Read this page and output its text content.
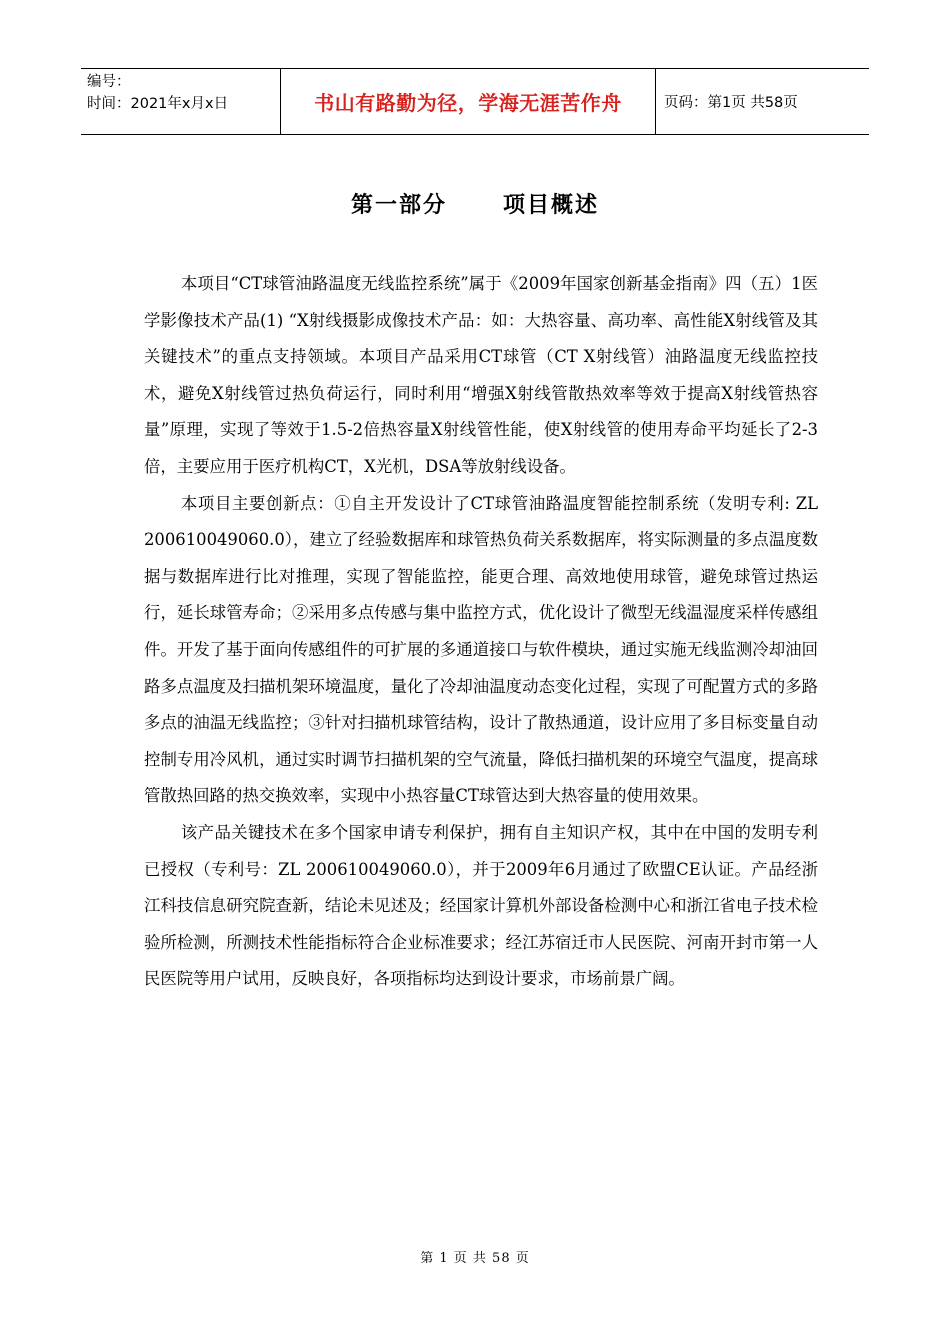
编号：
时间：2021年x月x日	书山有路勤为径，学海无涯苦作舟	页码：第1页 共58页
第一部分	项目概述

本项目“CT球管油路温度无线监控系统”属于《2009年国家创新基金指南》四（五）1医学影像技术产品(1) “X射线摄影成像技术产品：如：大热容量、高功率、高性能X射线管及其关键技术”的重点支持领域。本项目产品采用CT球管（CT X射线管）油路温度无线监控技术，避免X射线管过热负荷运行，同时利用“增强X射线管散热效率等效于提高X射线管热容量”原理，实现了等效于1.5-2倍热容量X射线管性能，使X射线管的使用寿命平均延长了2-3倍，主要应用于医疗机构CT，X光机，DSA等放射线设备。

本项目主要创新点：①自主开发设计了CT球管油路温度智能控制系统（发明专利: ZL 200610049060.0），建立了经验数据库和球管热负荷关系数据库，将实际测量的多点温度数据与数据库进行比对推理，实现了智能监控，能更合理、高效地使用球管，避免球管过热运行，延长球管寿命；②采用多点传感与集中监控方式，优化设计了微型无线温湿度采样传感组件。开发了基于面向传感组件的可扩展的多通道接口与软件模块，通过实施无线监测冷却油回路多点温度及扫描机架环境温度，量化了冷却油温度动态变化过程，实现了可配置方式的多路多点的油温无线监控；③针对扫描机球管结构，设计了散热通道，设计应用了多目标变量自动控制专用冷风机，通过实时调节扫描机架的空气流量，降低扫描机架的环境空气温度，提高球管散热回路的热交换效率，实现中小热容量CT球管达到大热容量的使用效果。

该产品关键技术在多个国家申请专利保护，拥有自主知识产权，其中在中国的发明专利已授权（专利号：ZL 200610049060.0），并于2009年6月通过了欧盟CE认证。产品经浙江科技信息研究院查新，结论未见述及；经国家计算机外部设备检测中心和浙江省电子技术检验所检测，所测技术性能指标符合企业标准要求；经江苏宿迁市人民医院、河南开封市第一人民医院等用户试用，反映良好，各项指标均达到设计要求，市场前景广阔。

第 1 页 共 58 页
